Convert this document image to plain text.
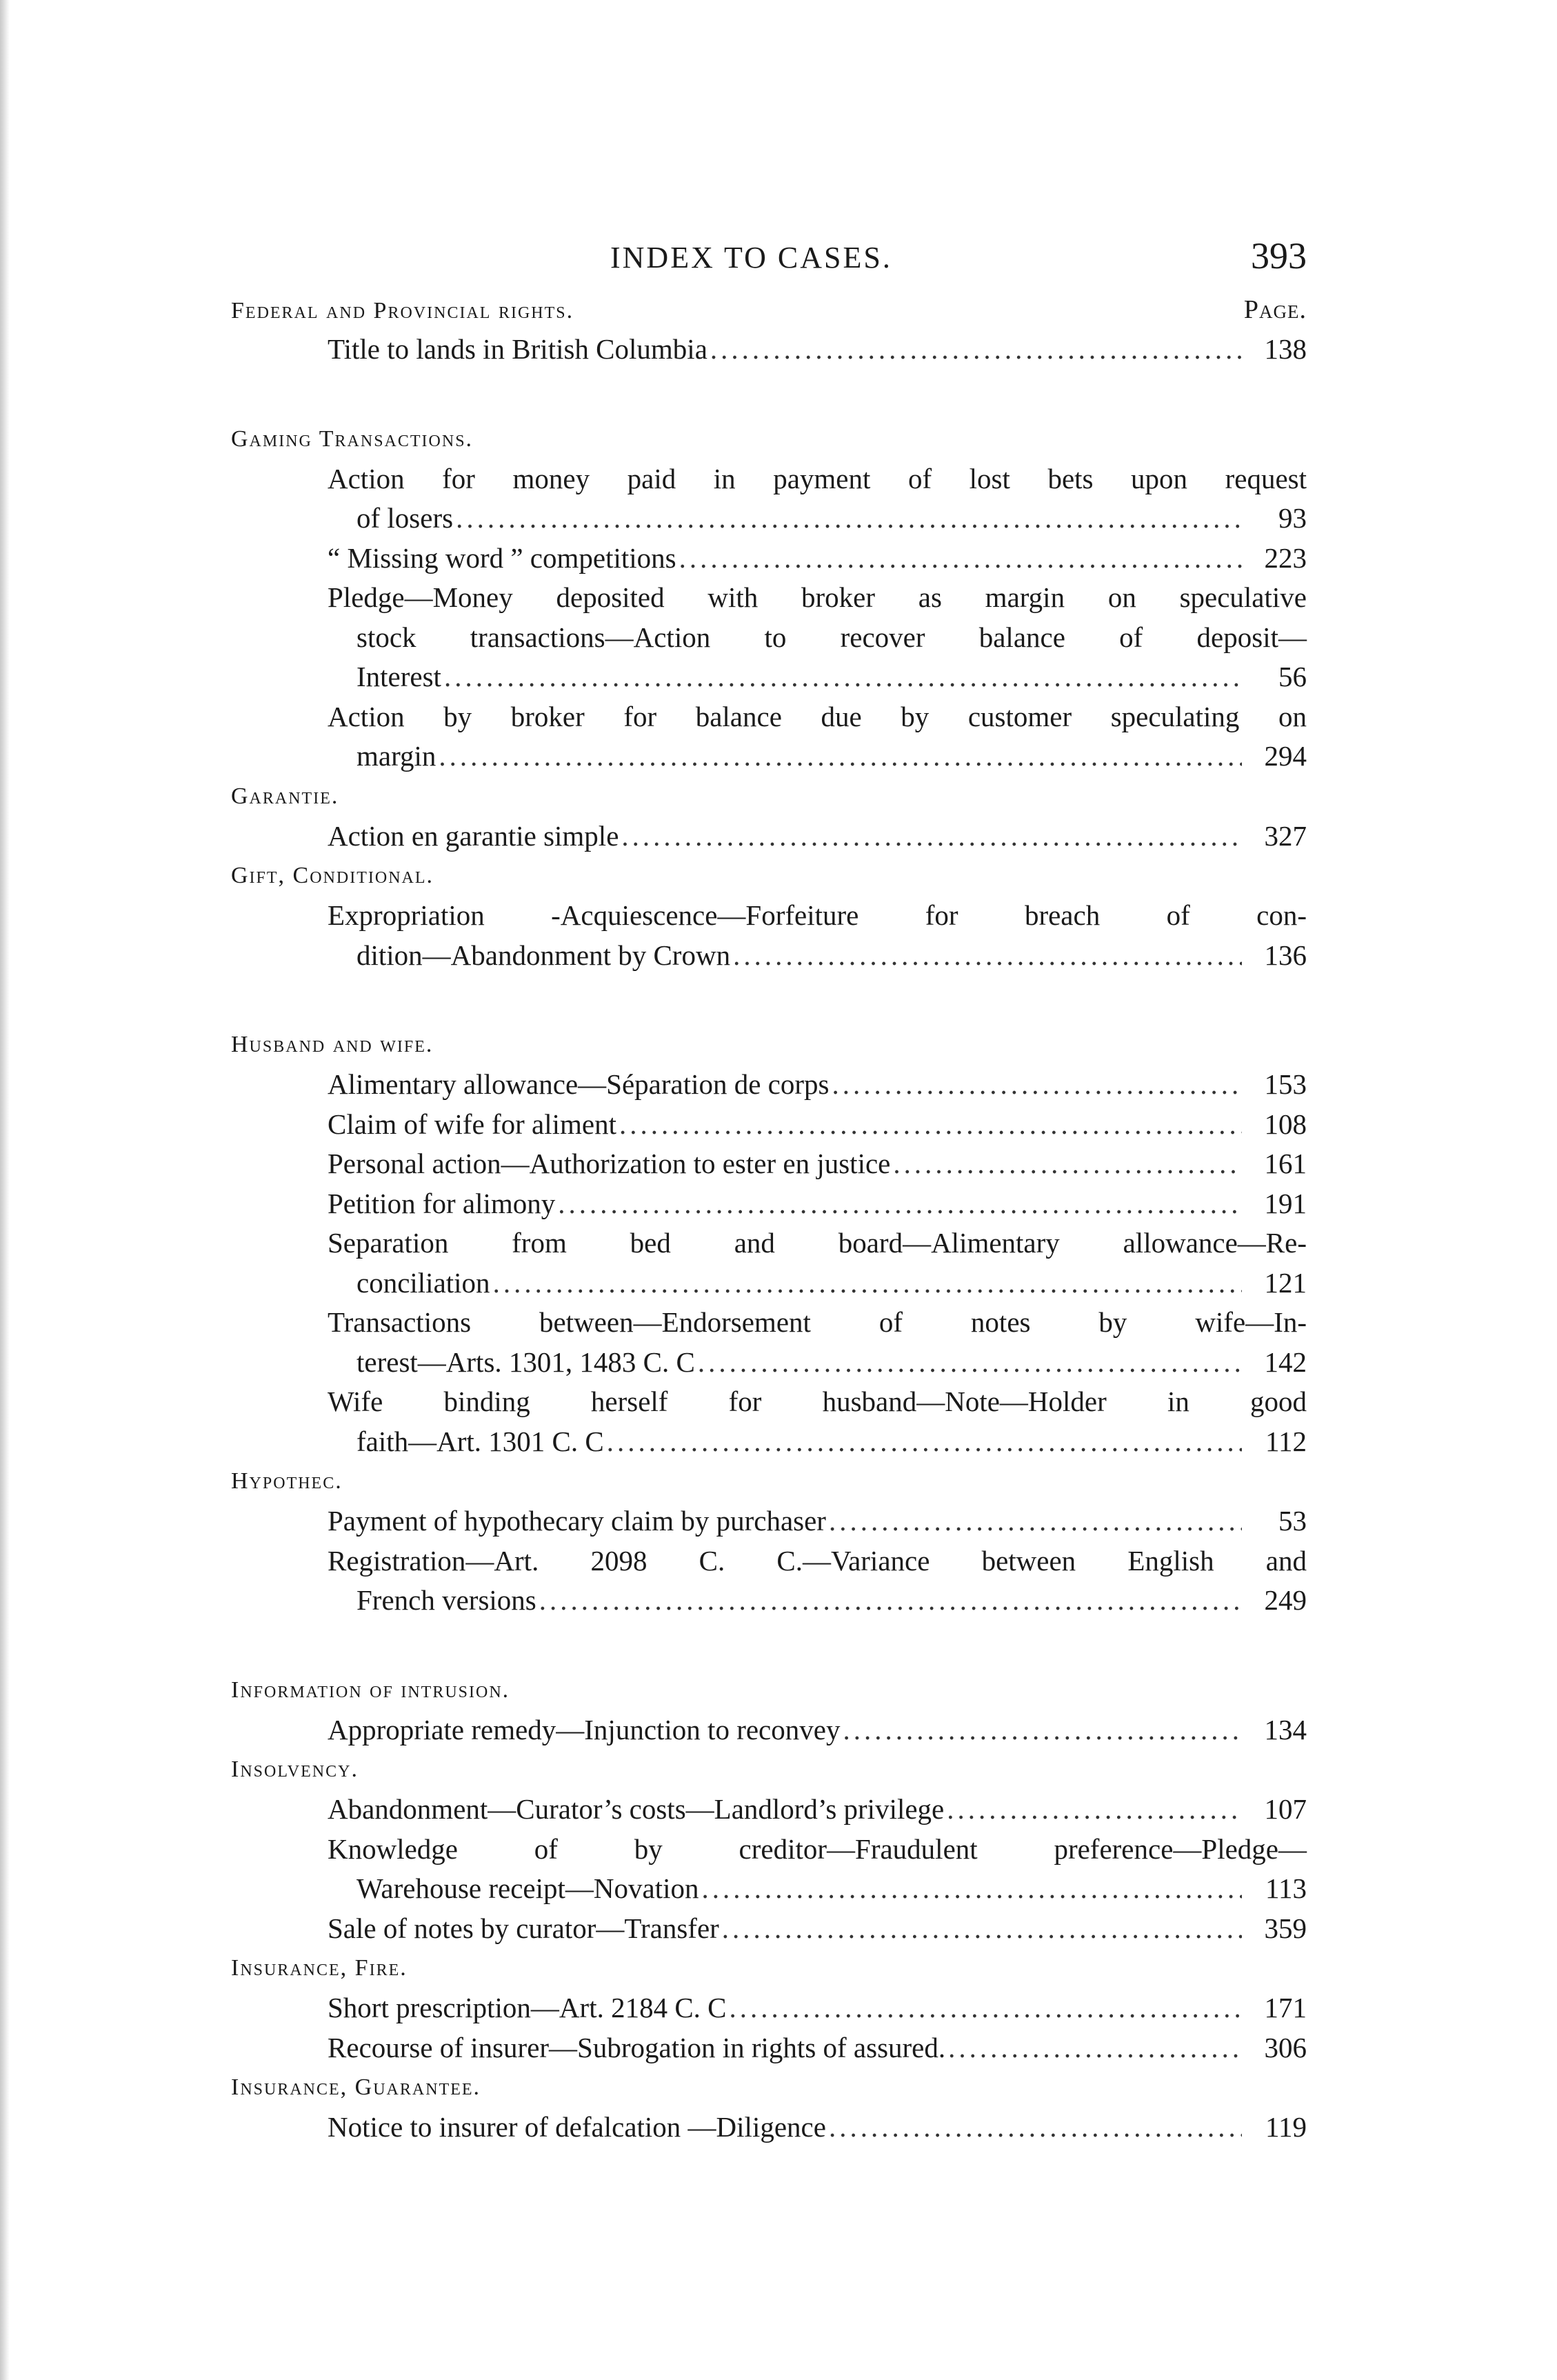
INDEX TO CASES.	393
Federal and Provincial rights.	Page.
Title to lands in British Columbia .....	138
Gaming Transactions.
Action for money paid in payment of lost bets upon request
of losers .....	93
“ Missing word ” competitions .....	223
Pledge—Money deposited with broker as margin on speculative
stock transactions—Action to recover balance of deposit—
Interest .....	56
Action by broker for balance due by customer speculating on
margin .....	294
Garantie.
Action en garantie simple .....	327
Gift, Conditional.
Expropriation -Acquiescence—Forfeiture for breach of con-
dition—Abandonment by Crown .....	136
Husband and wife.
Alimentary allowance—Séparation de corps .....	153
Claim of wife for aliment .....	108
Personal action—Authorization to ester en justice .....	161
Petition for alimony .....	191
Separation from bed and board—Alimentary allowance—Re-
conciliation .....	121
Transactions between—Endorsement of notes by wife—In-
terest—Arts. 1301, 1483 C. C .....	142
Wife binding herself for husband—Note—Holder in good
faith—Art. 1301 C. C .....	112
Hypothec.
Payment of hypothecary claim by purchaser .....	53
Registration—Art. 2098 C. C.—Variance between English and
French versions .....	249
Information of intrusion.
Appropriate remedy—Injunction to reconvey .....	134
Insolvency.
Abandonment—Curator’s costs—Landlord’s privilege .....	107
Knowledge of by creditor—Fraudulent preference—Pledge—
Warehouse receipt—Novation .....	113
Sale of notes by curator—Transfer .....	359
Insurance, Fire.
Short prescription—Art. 2184 C. C .....	171
Recourse of insurer—Subrogation in rights of assured. .....	306
Insurance, Guarantee.
Notice to insurer of defalcation —Diligence .....	119
